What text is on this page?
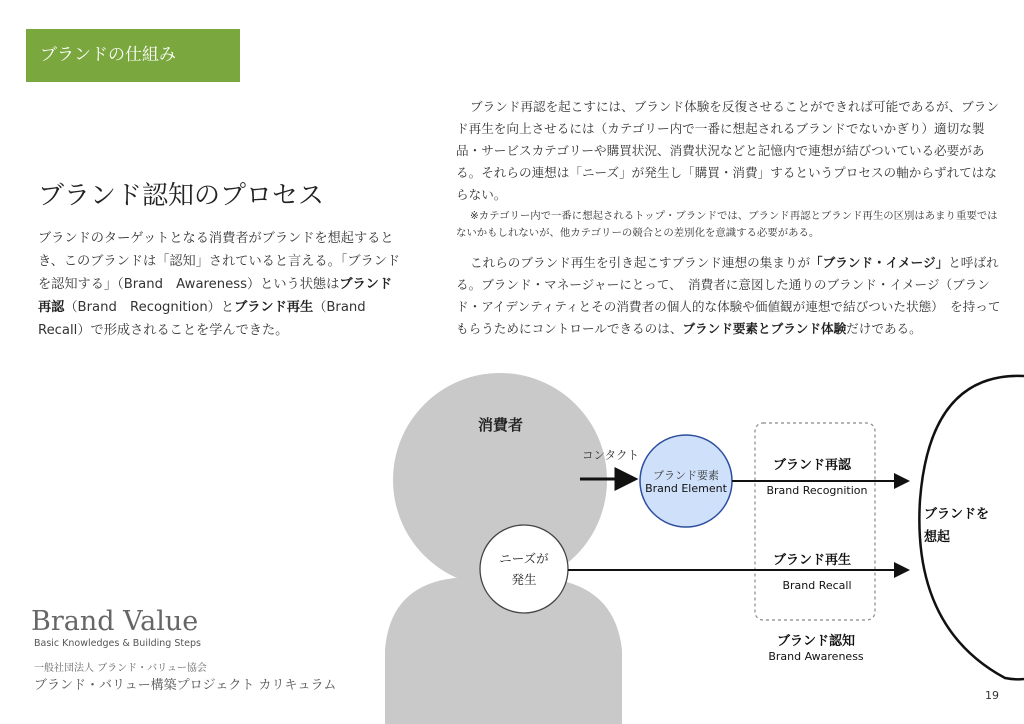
ブランドの仕組み
ブランド認知のプロセス

ブランドのターゲットとなる消費者がブランドを想起するとき、このブランドは「認知」されていると言える。「ブランドを認知する」（Brand　Awareness）という状態はブランド再認（Brand　Recognition）とブランド再生（Brand　Recall）で形成されることを学んできた。

ブランド再認を起こすには、ブランド体験を反復させることができれば可能であるが、ブランド再生を向上させるには（カテゴリー内で一番に想起されるブランドでないかぎり）適切な製品・サービスカテゴリーや購買状況、消費状況などと記憶内で連想が結びついている必要がある。それらの連想は「ニーズ」が発生し「購買・消費」するというプロセスの軸からずれてはならない。

※カテゴリー内で一番に想起されるトップ・ブランドでは、ブランド再認とブランド再生の区別はあまり重要ではないかもしれないが、他カテゴリーの競合との差別化を意識する必要がある。

これらのブランド再生を引き起こすブランド連想の集まりが「ブランド・イメージ」と呼ばれる。ブランド・マネージャーにとって、　消費者に意図した通りのブランド・イメージ（ブランド・アイデンティティとその消費者の個人的な体験や価値観が連想で結びついた状態）　を持ってもらうためにコントロールできるのは、ブランド要素とブランド体験だけである。

消費者
コンタクト
ブランド要素
Brand Element
ブランド再認
Brand Recognition
ブランド再生
Brand Recall
ニーズが
発生
ブランド認知
Brand Awareness
ブランドを
想起
Brand Value
Basic Knowledges & Building Steps
一般社団法人 ブランド・バリュー協会
ブランド・バリュー構築プロジェクト カリキュラム
19
